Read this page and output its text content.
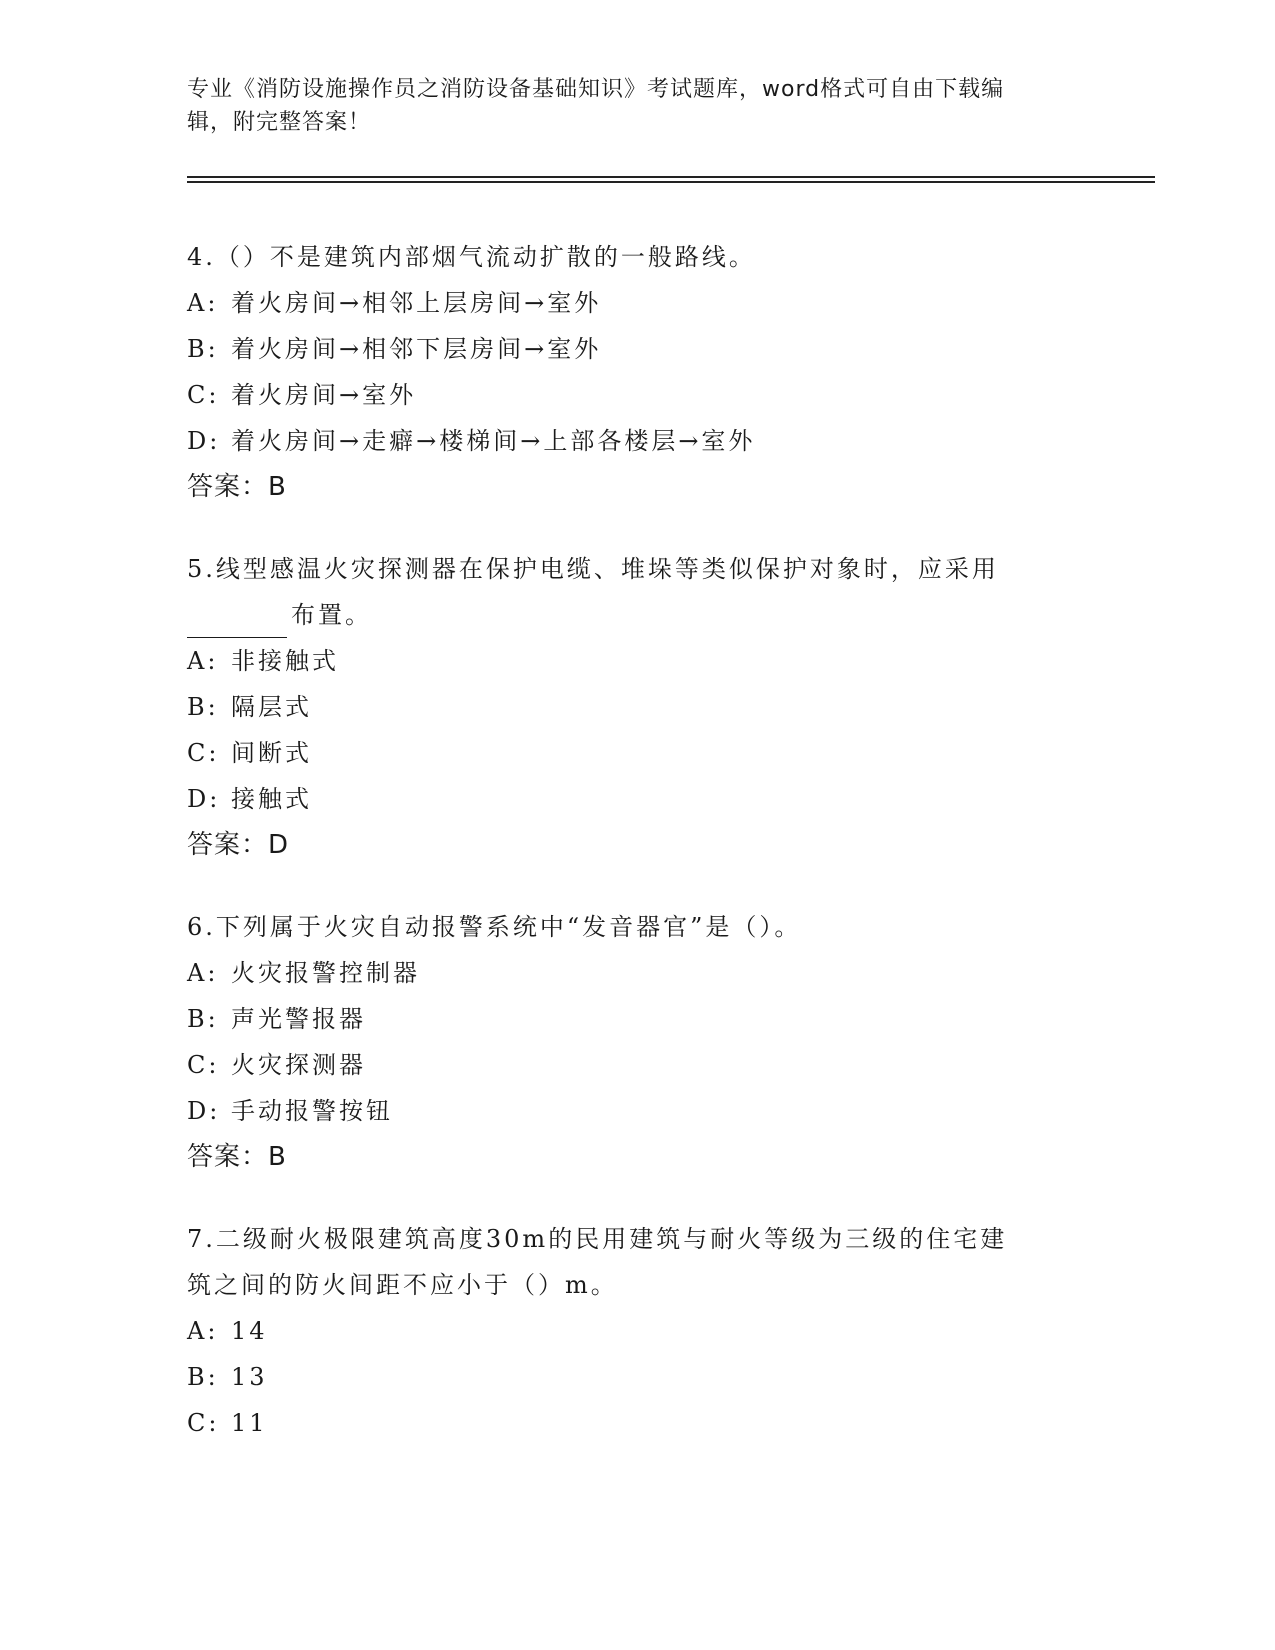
专业《消防设施操作员之消防设备基础知识》考试题库，word格式可自由下载编
辑，附完整答案！

4.（）不是建筑内部烟气流动扩散的一般路线。

A: 着火房间→相邻上层房间→室外

B: 着火房间→相邻下层房间→室外

C: 着火房间→室外

D: 着火房间→走癖→楼梯间→上部各楼层→室外

答案：B

5.线型感温火灾探测器在保护电缆、堆垛等类似保护对象时，应采用

布置。

A: 非接触式

B: 隔层式

C: 间断式

D: 接触式

答案：D

6.下列属于火灾自动报警系统中“发音器官”是（）。

A: 火灾报警控制器

B: 声光警报器

C: 火灾探测器

D: 手动报警按钮

答案：B

7.二级耐火极限建筑高度30m的民用建筑与耐火等级为三级的住宅建

筑之间的防火间距不应小于（）m。

A: 14

B: 13

C: 11
